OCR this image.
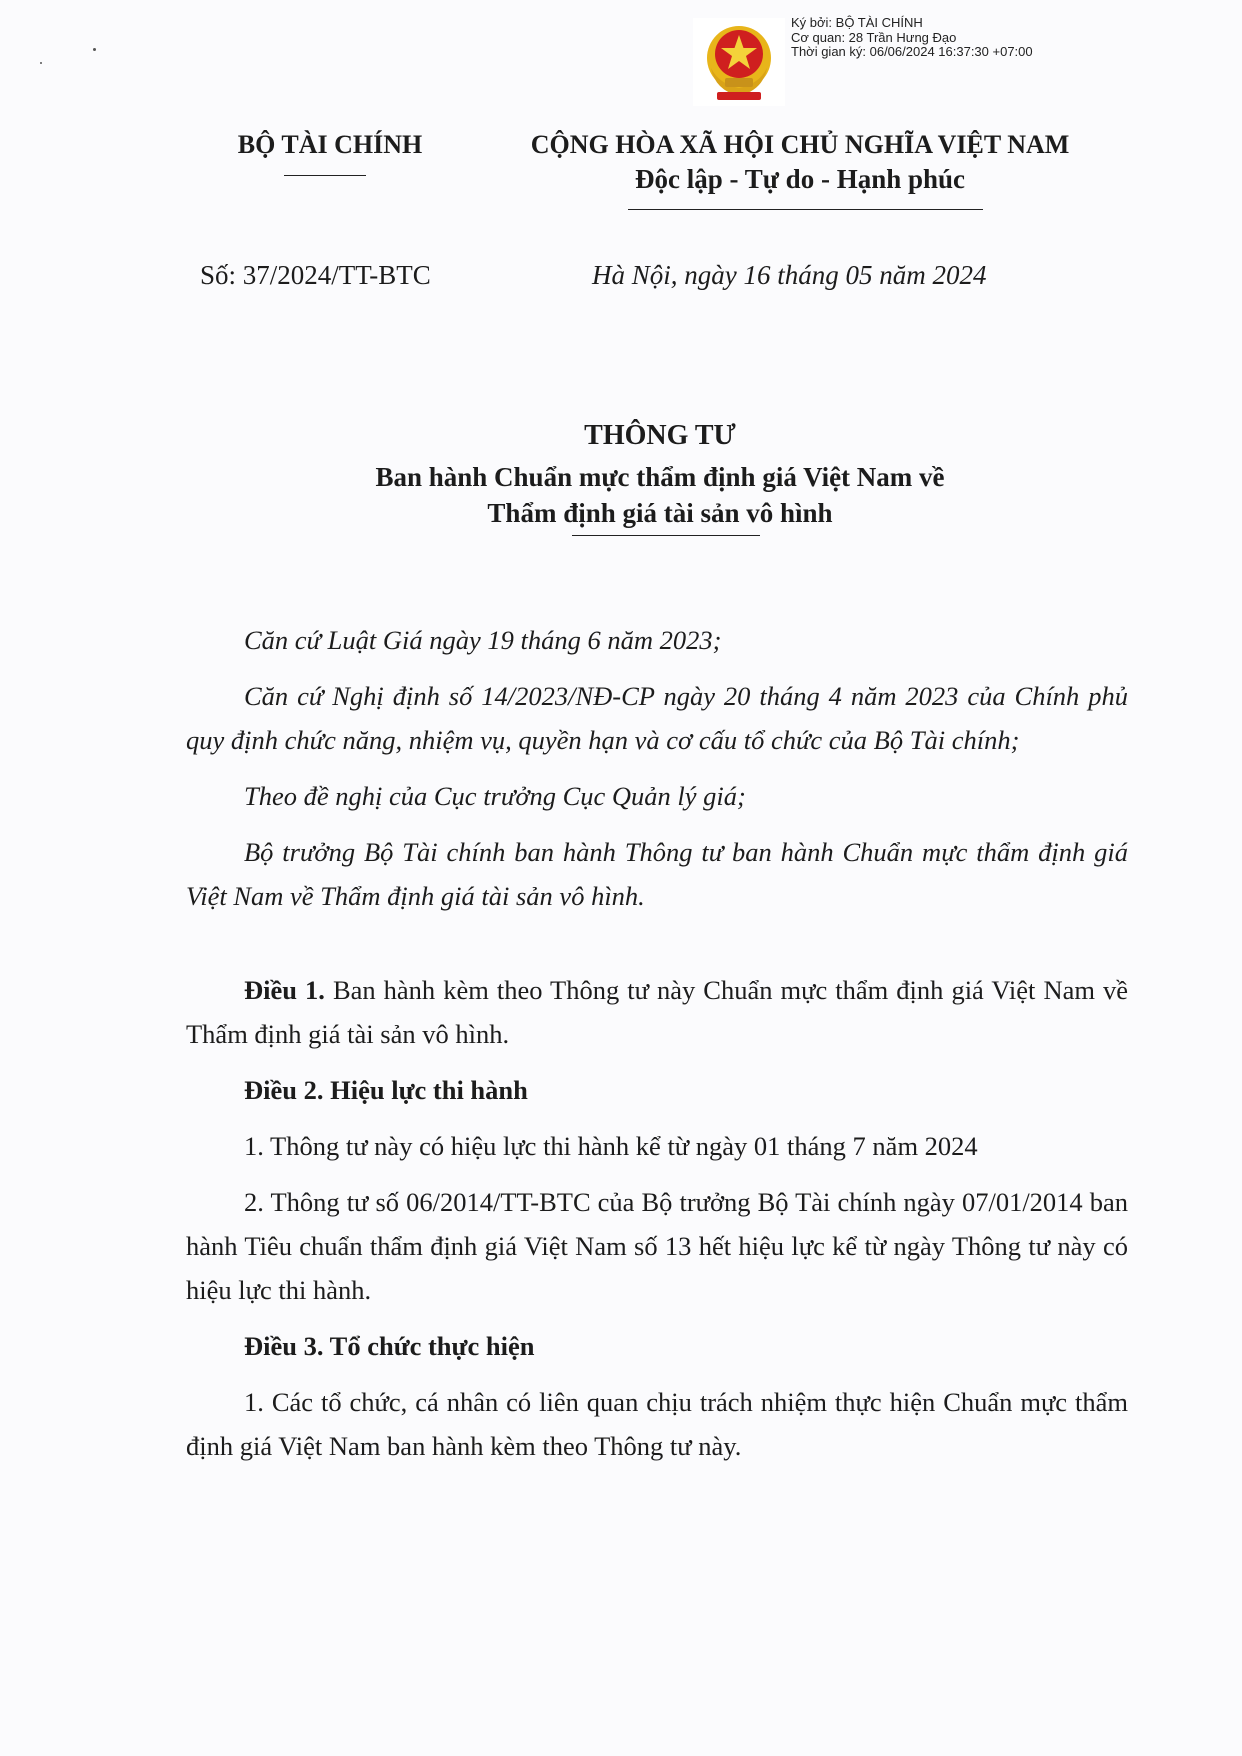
Ký bởi: BỘ TÀI CHÍNH
Cơ quan: 28 Trần Hưng Đạo
Thời gian ký: 06/06/2024 16:37:30 +07:00
BỘ TÀI CHÍNH	CỘNG HÒA XÃ HỘI CHỦ NGHĨA VIỆT NAM
Độc lập - Tự do - Hạnh phúc
Số: 37/2024/TT-BTC	Hà Nội, ngày 16 tháng 05 năm 2024
THÔNG TƯ
Ban hành Chuẩn mực thẩm định giá Việt Nam về
Thẩm định giá tài sản vô hình

Căn cứ Luật Giá ngày 19 tháng 6 năm 2023;

Căn cứ Nghị định số 14/2023/NĐ-CP ngày 20 tháng 4 năm 2023 của Chính phủ quy định chức năng, nhiệm vụ, quyền hạn và cơ cấu tổ chức của Bộ Tài chính;

Theo đề nghị của Cục trưởng Cục Quản lý giá;

Bộ trưởng Bộ Tài chính ban hành Thông tư ban hành Chuẩn mực thẩm định giá Việt Nam về Thẩm định giá tài sản vô hình.

Điều 1. Ban hành kèm theo Thông tư này Chuẩn mực thẩm định giá Việt Nam về Thẩm định giá tài sản vô hình.

Điều 2. Hiệu lực thi hành

1. Thông tư này có hiệu lực thi hành kể từ ngày 01 tháng 7 năm 2024

2. Thông tư số 06/2014/TT-BTC của Bộ trưởng Bộ Tài chính ngày 07/01/2014 ban hành Tiêu chuẩn thẩm định giá Việt Nam số 13 hết hiệu lực kể từ ngày Thông tư này có hiệu lực thi hành.

Điều 3. Tổ chức thực hiện

1. Các tổ chức, cá nhân có liên quan chịu trách nhiệm thực hiện Chuẩn mực thẩm định giá Việt Nam ban hành kèm theo Thông tư này.
